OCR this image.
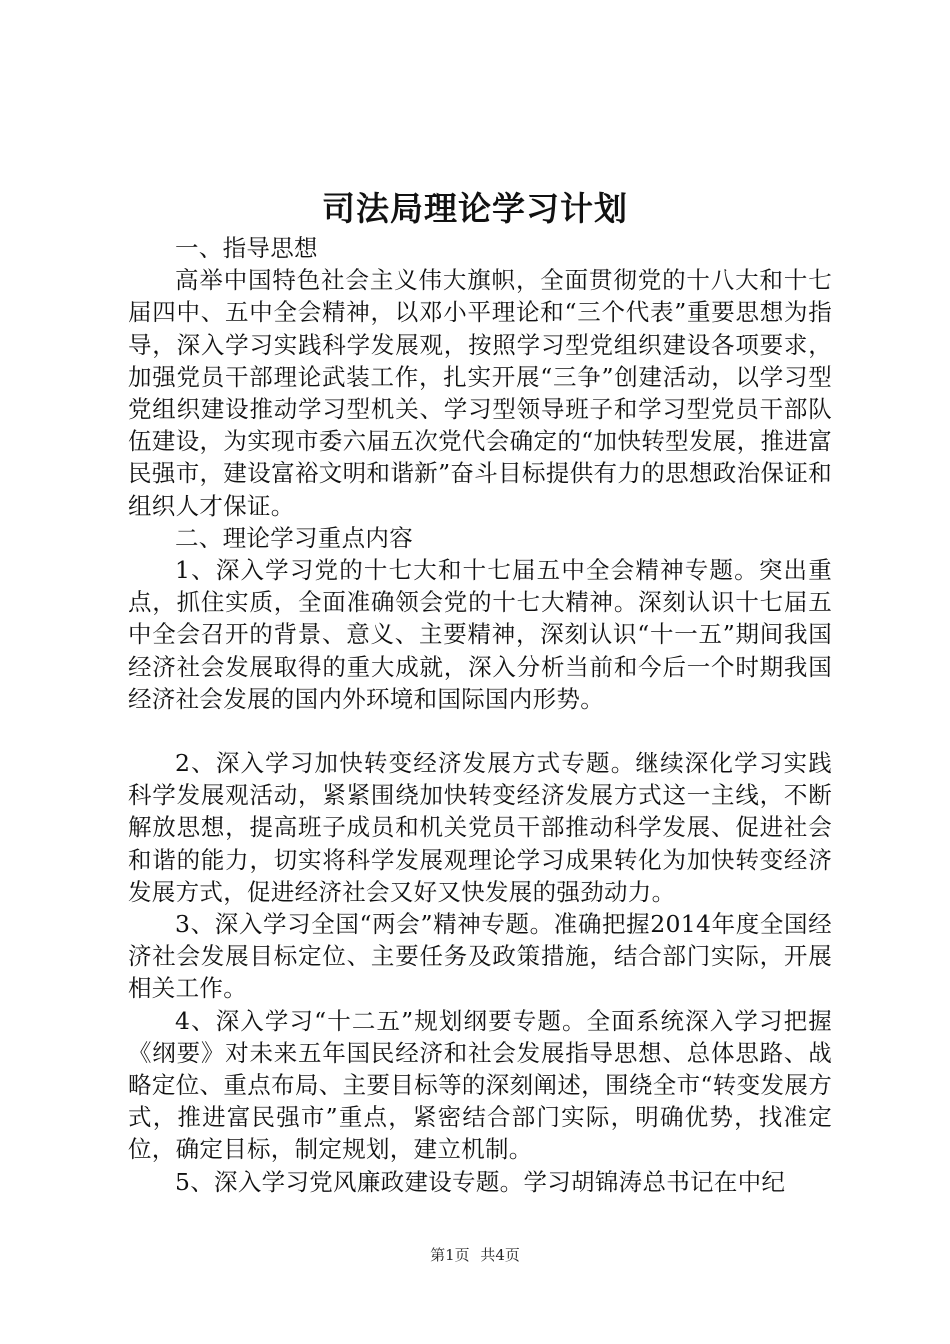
司法局理论学习计划

一、指导思想

高举中国特色社会主义伟大旗帜，全面贯彻党的十八大和十七届四中、五中全会精神，以邓小平理论和“三个代表”重要思想为指导，深入学习实践科学发展观，按照学习型党组织建设各项要求，加强党员干部理论武装工作，扎实开展“三争”创建活动，以学习型党组织建设推动学习型机关、学习型领导班子和学习型党员干部队伍建设，为实现市委六届五次党代会确定的“加快转型发展，推进富民强市，建设富裕文明和谐新”奋斗目标提供有力的思想政治保证和组织人才保证。

二、理论学习重点内容

1、深入学习党的十七大和十七届五中全会精神专题。突出重点，抓住实质，全面准确领会党的十七大精神。深刻认识十七届五中全会召开的背景、意义、主要精神，深刻认识“十一五”期间我国经济社会发展取得的重大成就，深入分析当前和今后一个时期我国经济社会发展的国内外环境和国际国内形势。

2、深入学习加快转变经济发展方式专题。继续深化学习实践科学发展观活动，紧紧围绕加快转变经济发展方式这一主线，不断解放思想，提高班子成员和机关党员干部推动科学发展、促进社会和谐的能力，切实将科学发展观理论学习成果转化为加快转变经济发展方式，促进经济社会又好又快发展的强劲动力。

3、深入学习全国“两会”精神专题。准确把握2014年度全国经济社会发展目标定位、主要任务及政策措施，结合部门实际，开展相关工作。

4、深入学习“十二五”规划纲要专题。全面系统深入学习把握《纲要》对未来五年国民经济和社会发展指导思想、总体思路、战略定位、重点布局、主要目标等的深刻阐述，围绕全市“转变发展方式，推进富民强市”重点，紧密结合部门实际，明确优势，找准定位，确定目标，制定规划，建立机制。

5、深入学习党风廉政建设专题。学习胡锦涛总书记在中纪

第1页 共4页
